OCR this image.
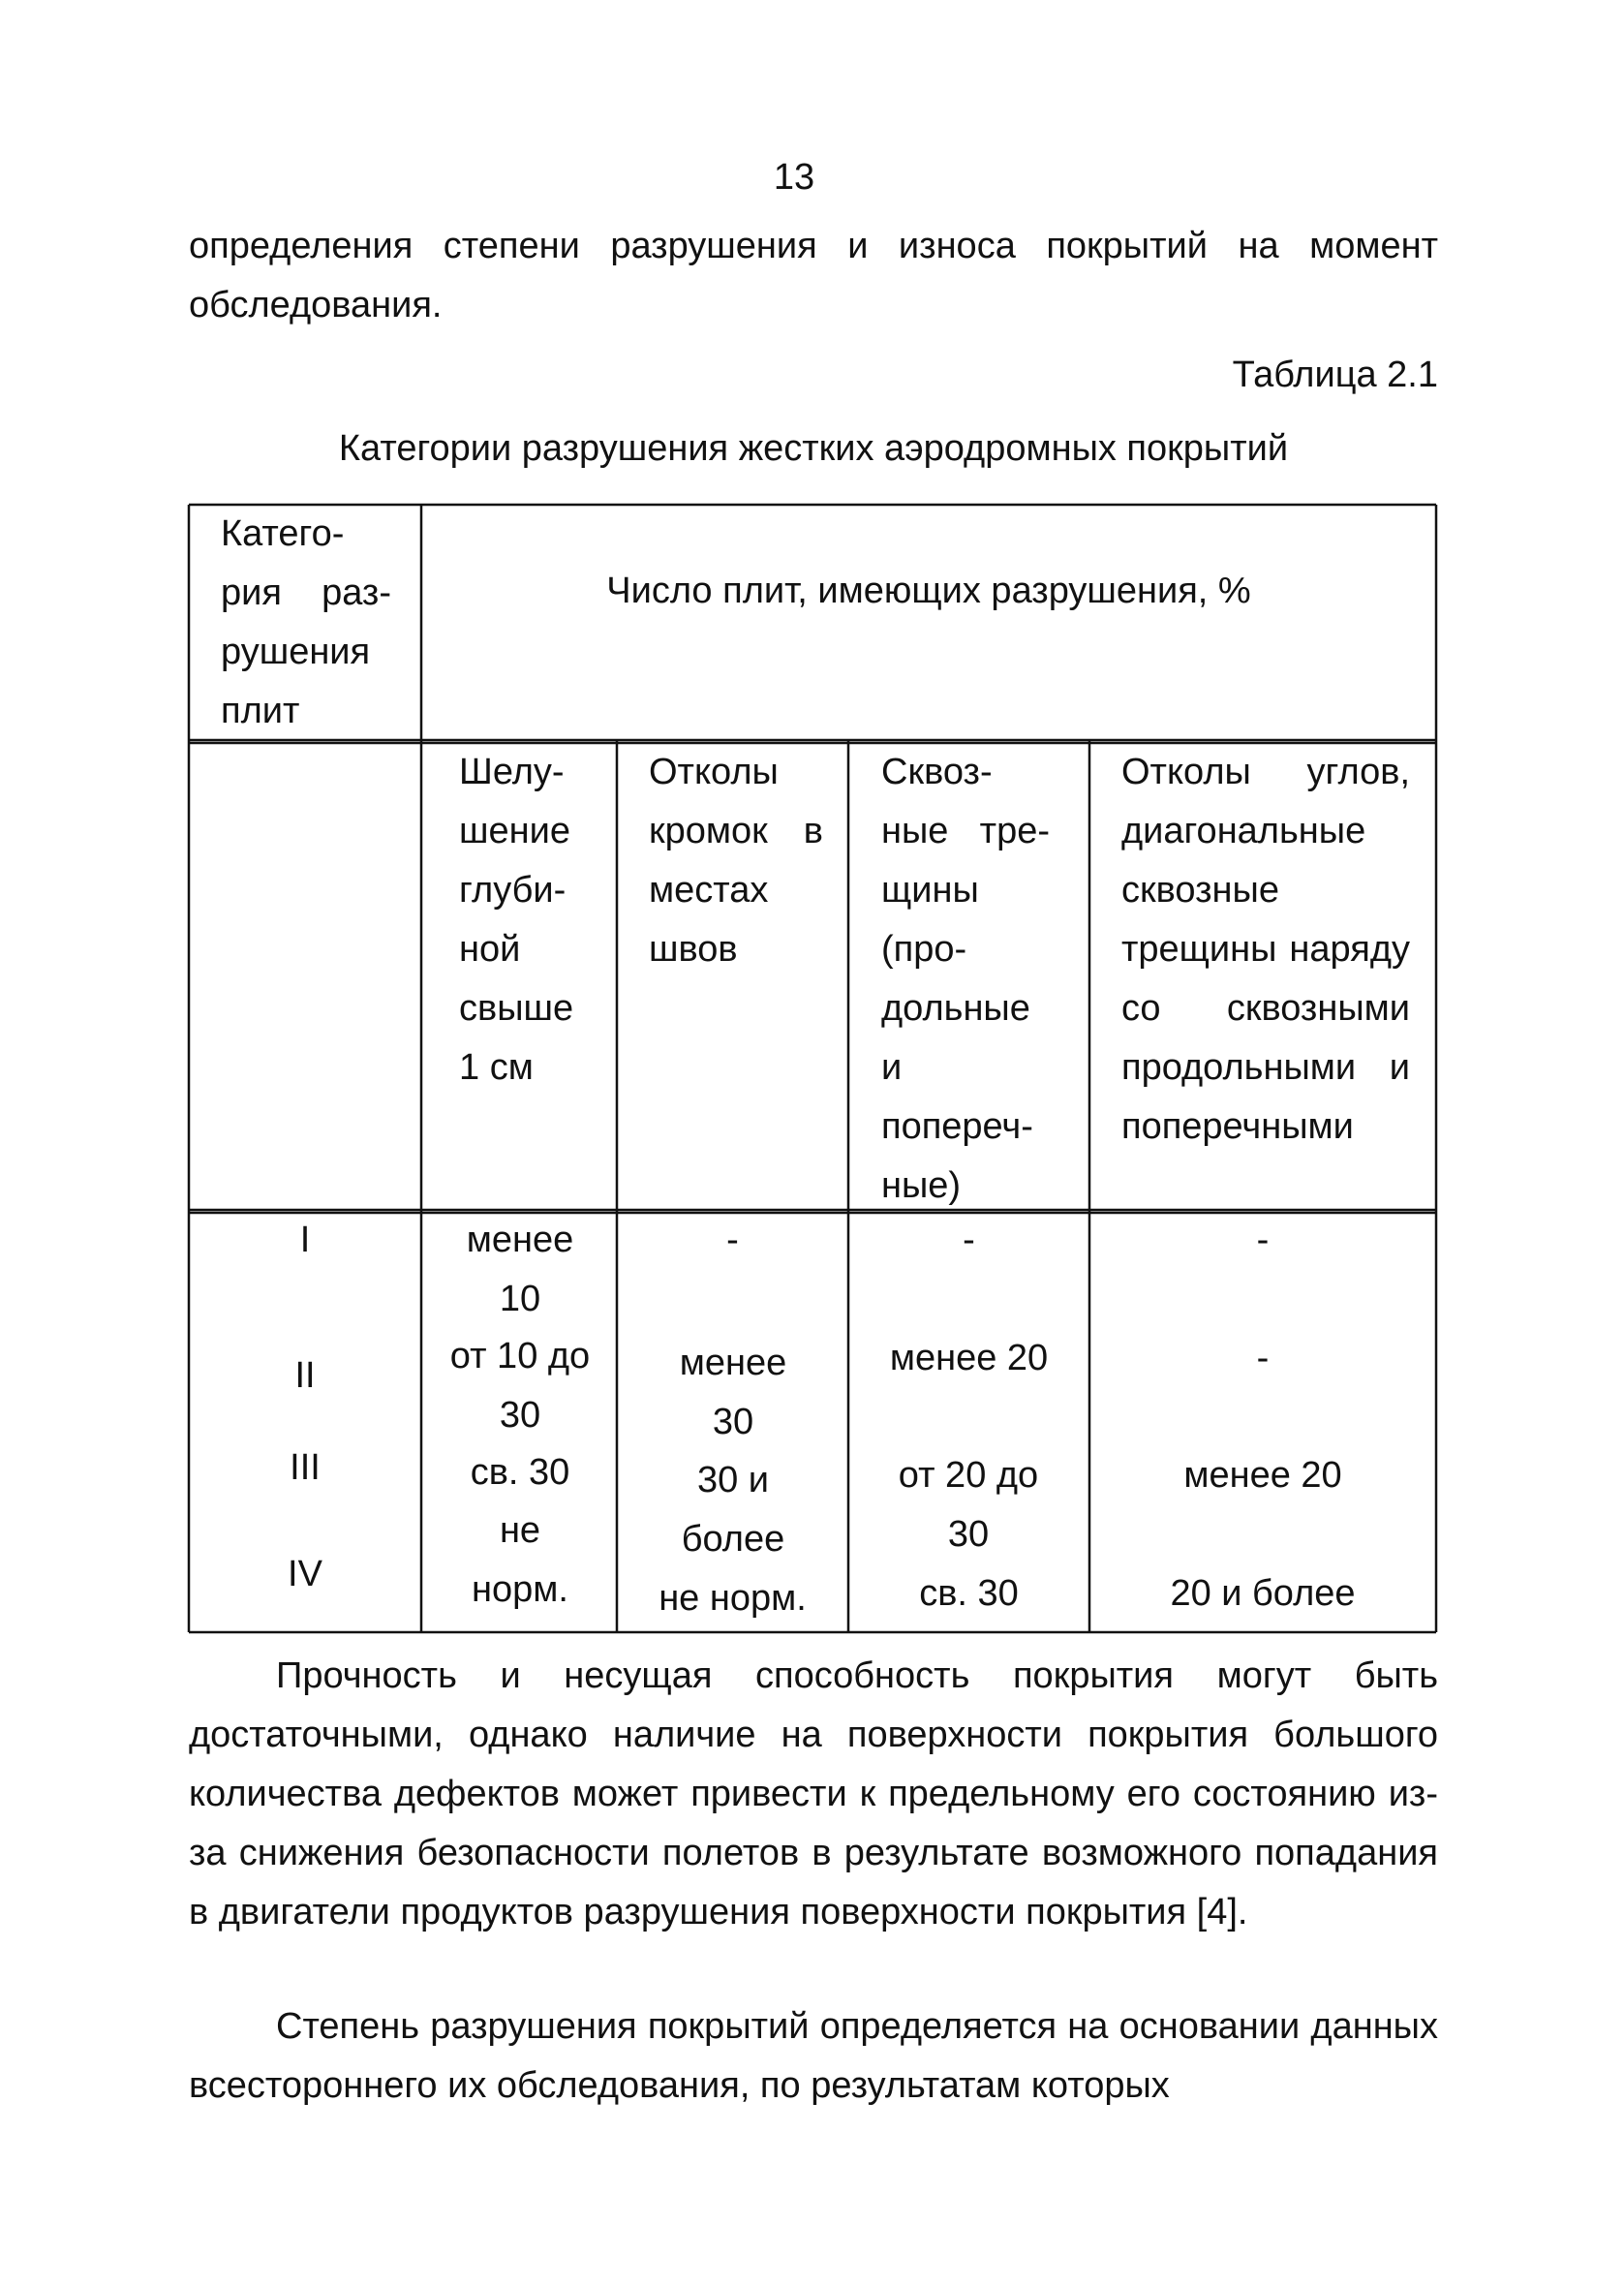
13
определения степени разрушения и износа покрытий на момент обследования.
Таблица 2.1
Категории разрушения жестких аэродромных покрытий
Катего-рия раз-рушения плит
Число плит, имеющих разрушения, %
Шелу-шение глуби-ной свыше 1 см
Отколы кромок в местах швов
Сквоз-ные тре-щины (про-дольные и попереч-ные)
Отколы углов, диагональные сквозные трещины наряду со сквозными продольными и поперечными
I
II
III
IV
менее 10
от 10 до 30
св. 30
не норм.
-
менее 30
30 и более
не норм.
-
менее 20
от 20 до 30
св. 30
-
-
менее 20
20 и более
Прочность и несущая способность покрытия могут быть достаточными, однако наличие на поверхности покрытия большого количества дефектов может привести к предельному его состоянию из-за снижения безопасности полетов в результате возможного попадания в двигатели продуктов разрушения поверхности покрытия [4].
Степень разрушения покрытий определяется на основании данных всестороннего их обследования, по результатам которых
